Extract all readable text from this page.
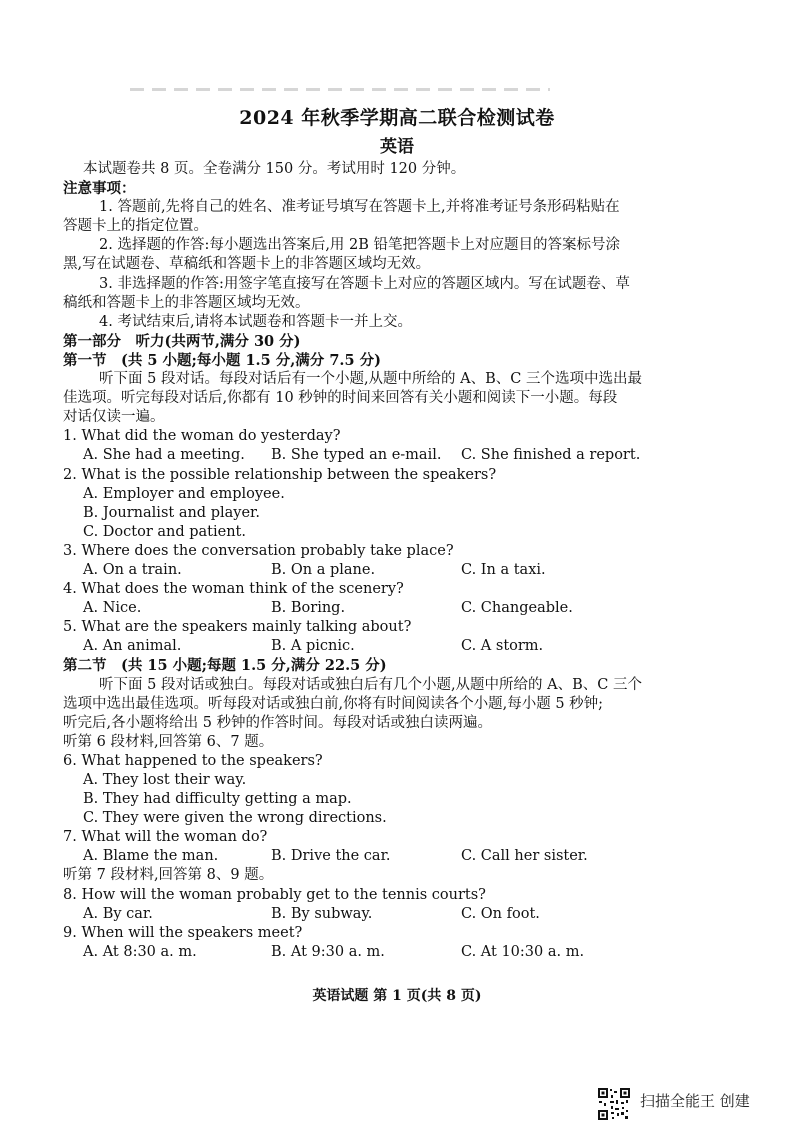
2024 年秋季学期高二联合检测试卷
英语
本试题卷共 8 页。全卷满分 150 分。考试用时 120 分钟。
注意事项：
1. 答题前,先将自己的姓名、准考证号填写在答题卡上,并将准考证号条形码粘贴在
答题卡上的指定位置。
2. 选择题的作答:每小题选出答案后,用 2B 铅笔把答题卡上对应题目的答案标号涂
黑,写在试题卷、草稿纸和答题卡上的非答题区域均无效。
3. 非选择题的作答:用签字笔直接写在答题卡上对应的答题区域内。写在试题卷、草
稿纸和答题卡上的非答题区域均无效。
4. 考试结束后,请将本试题卷和答题卡一并上交。
第一部分　听力(共两节,满分 30 分)
第一节　(共 5 小题;每小题 1.5 分,满分 7.5 分)
听下面 5 段对话。每段对话后有一个小题,从题中所给的 A、B、C 三个选项中选出最
佳选项。听完每段对话后,你都有 10 秒钟的时间来回答有关小题和阅读下一小题。每段
对话仅读一遍。
1. What did the woman do yesterday?
A. She had a meeting.	B. She typed an e-mail.	C. She finished a report.
2. What is the possible relationship between the speakers?
A. Employer and employee.
B. Journalist and player.
C. Doctor and patient.
3. Where does the conversation probably take place?
A. On a train.	B. On a plane.	C. In a taxi.
4. What does the woman think of the scenery?
A. Nice.	B. Boring.	C. Changeable.
5. What are the speakers mainly talking about?
A. An animal.	B. A picnic.	C. A storm.
第二节　(共 15 小题;每题 1.5 分,满分 22.5 分)
听下面 5 段对话或独白。每段对话或独白后有几个小题,从题中所给的 A、B、C 三个
选项中选出最佳选项。听每段对话或独白前,你将有时间阅读各个小题,每小题 5 秒钟;
听完后,各小题将给出 5 秒钟的作答时间。每段对话或独白读两遍。
听第 6 段材料,回答第 6、7 题。
6. What happened to the speakers?
A. They lost their way.
B. They had difficulty getting a map.
C. They were given the wrong directions.
7. What will the woman do?
A. Blame the man.	B. Drive the car.	C. Call her sister.
听第 7 段材料,回答第 8、9 题。
8. How will the woman probably get to the tennis courts?
A. By car.	B. By subway.	C. On foot.
9. When will the speakers meet?
A. At 8:30 a. m.	B. At 9:30 a. m.	C. At 10:30 a. m.
英语试题 第 1 页(共 8 页)
扫描全能王 创建
